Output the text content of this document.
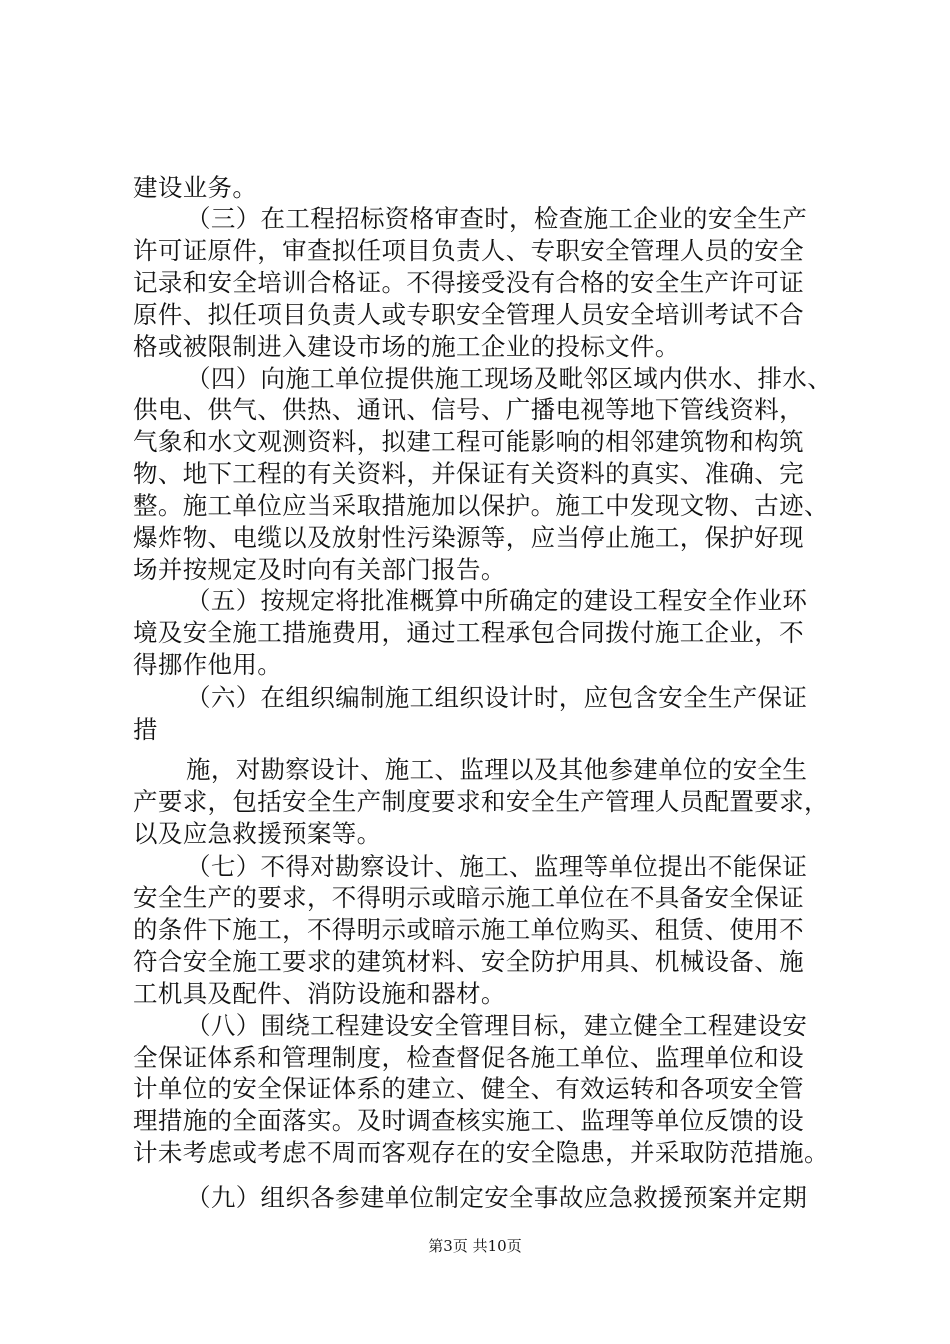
建设业务。
（三）在工程招标资格审查时，检查施工企业的安全生产
许可证原件，审查拟任项目负责人、专职安全管理人员的安全
记录和安全培训合格证。不得接受没有合格的安全生产许可证
原件、拟任项目负责人或专职安全管理人员安全培训考试不合
格或被限制进入建设市场的施工企业的投标文件。
（四）向施工单位提供施工现场及毗邻区域内供水、排水、
供电、供气、供热、通讯、信号、广播电视等地下管线资料，
气象和水文观测资料，拟建工程可能影响的相邻建筑物和构筑
物、地下工程的有关资料，并保证有关资料的真实、准确、完
整。施工单位应当采取措施加以保护。施工中发现文物、古迹、
爆炸物、电缆以及放射性污染源等，应当停止施工，保护好现
场并按规定及时向有关部门报告。
（五）按规定将批准概算中所确定的建设工程安全作业环
境及安全施工措施费用，通过工程承包合同拨付施工企业，不
得挪作他用。
（六）在组织编制施工组织设计时，应包含安全生产保证
措
施，对勘察设计、施工、监理以及其他参建单位的安全生
产要求，包括安全生产制度要求和安全生产管理人员配置要求，
以及应急救援预案等。
（七）不得对勘察设计、施工、监理等单位提出不能保证
安全生产的要求，不得明示或暗示施工单位在不具备安全保证
的条件下施工，不得明示或暗示施工单位购买、租赁、使用不
符合安全施工要求的建筑材料、安全防护用具、机械设备、施
工机具及配件、消防设施和器材。
（八）围绕工程建设安全管理目标，建立健全工程建设安
全保证体系和管理制度，检查督促各施工单位、监理单位和设
计单位的安全保证体系的建立、健全、有效运转和各项安全管
理措施的全面落实。及时调查核实施工、监理等单位反馈的设
计未考虑或考虑不周而客观存在的安全隐患，并采取防范措施。
（九）组织各参建单位制定安全事故应急救援预案并定期
第3页 共10页
